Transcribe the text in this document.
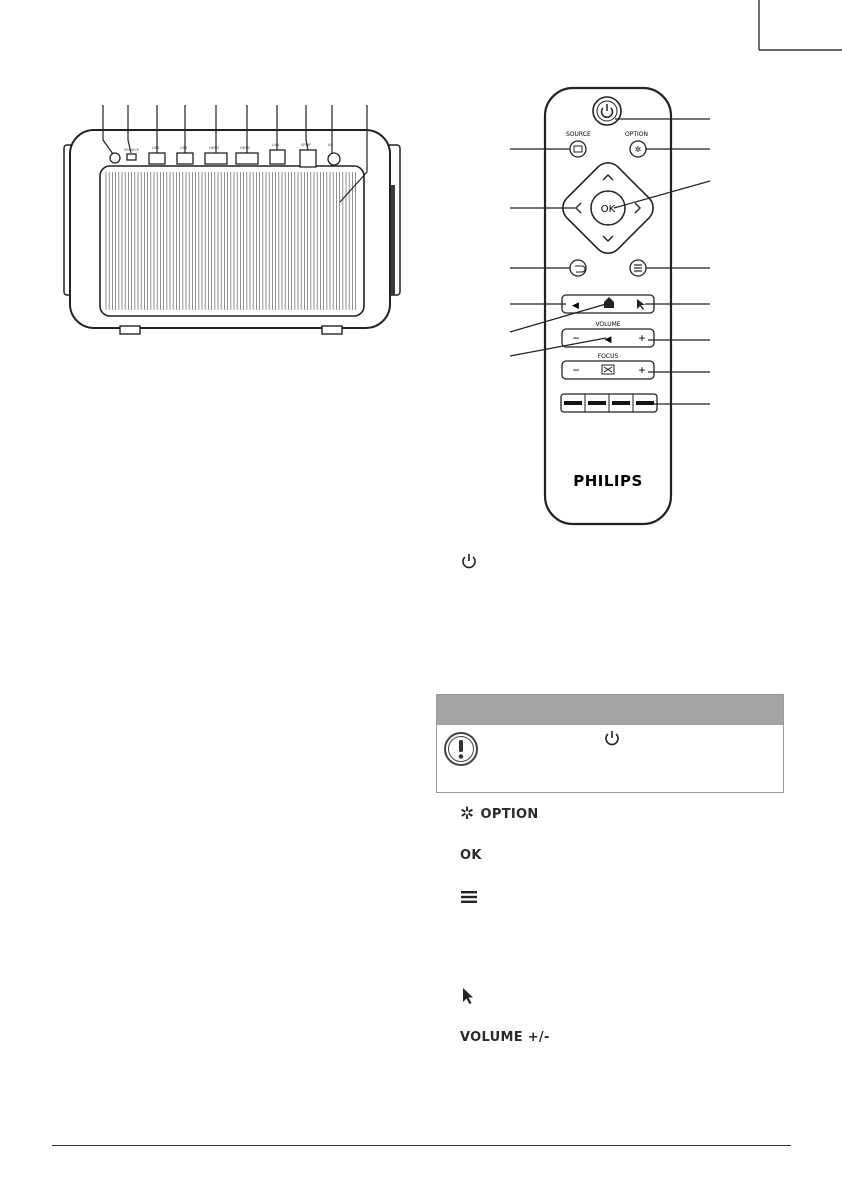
SERVICE	USB	USB	HDMI	HDMI
LAN	SPDIF	AV
SOURCE	OPTION
✲
OK
◀
VOLUME
−	◀ +
FOCUS
−	+
PHILIPS
✲ OPTION
OK
VOLUME +/-
